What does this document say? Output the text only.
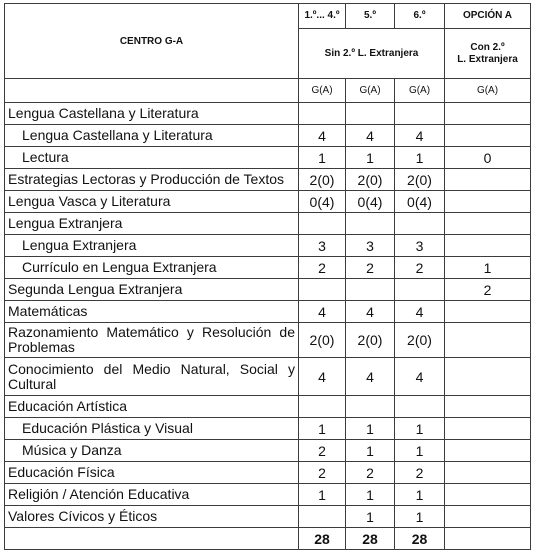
CENTRO G-A	1.º... 4.º	5.º	6.º	OPCIÓN A
	Sin 2.º L. Extranjera			Con 2.º
L. Extranjera
	G(A)	G(A)	G(A)	G(A)
Lengua Castellana y Literatura				
Lengua Castellana y Literatura	4	4	4	
Lectura	1	1	1	0
Estrategias Lectoras y Producción de Textos	2(0)	2(0)	2(0)	
Lengua Vasca y Literatura	0(4)	0(4)	0(4)	
Lengua Extranjera				
Lengua Extranjera	3	3	3	
Currículo en Lengua Extranjera	2	2	2	1
Segunda Lengua Extranjera				2
Matemáticas	4	4	4	
Razonamiento Matemático y Resolución de Problemas	2(0)	2(0)	2(0)	
Conocimiento del Medio Natural, Social y Cultural	4	4	4	
Educación Artística				
Educación Plástica y Visual	1	1	1	
Música y Danza	2	1	1	
Educación Física	2	2	2	
Religión / Atención Educativa	1	1	1	
Valores Cívicos y Éticos		1	1	
	28	28	28	
